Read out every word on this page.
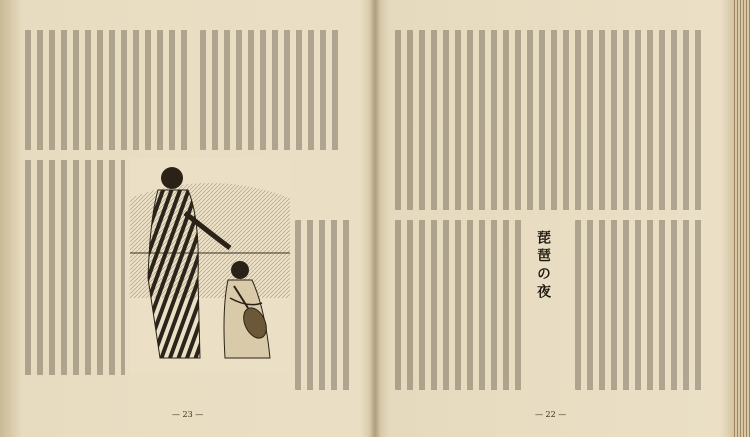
— 23 —
琵琶の夜
— 22 —
